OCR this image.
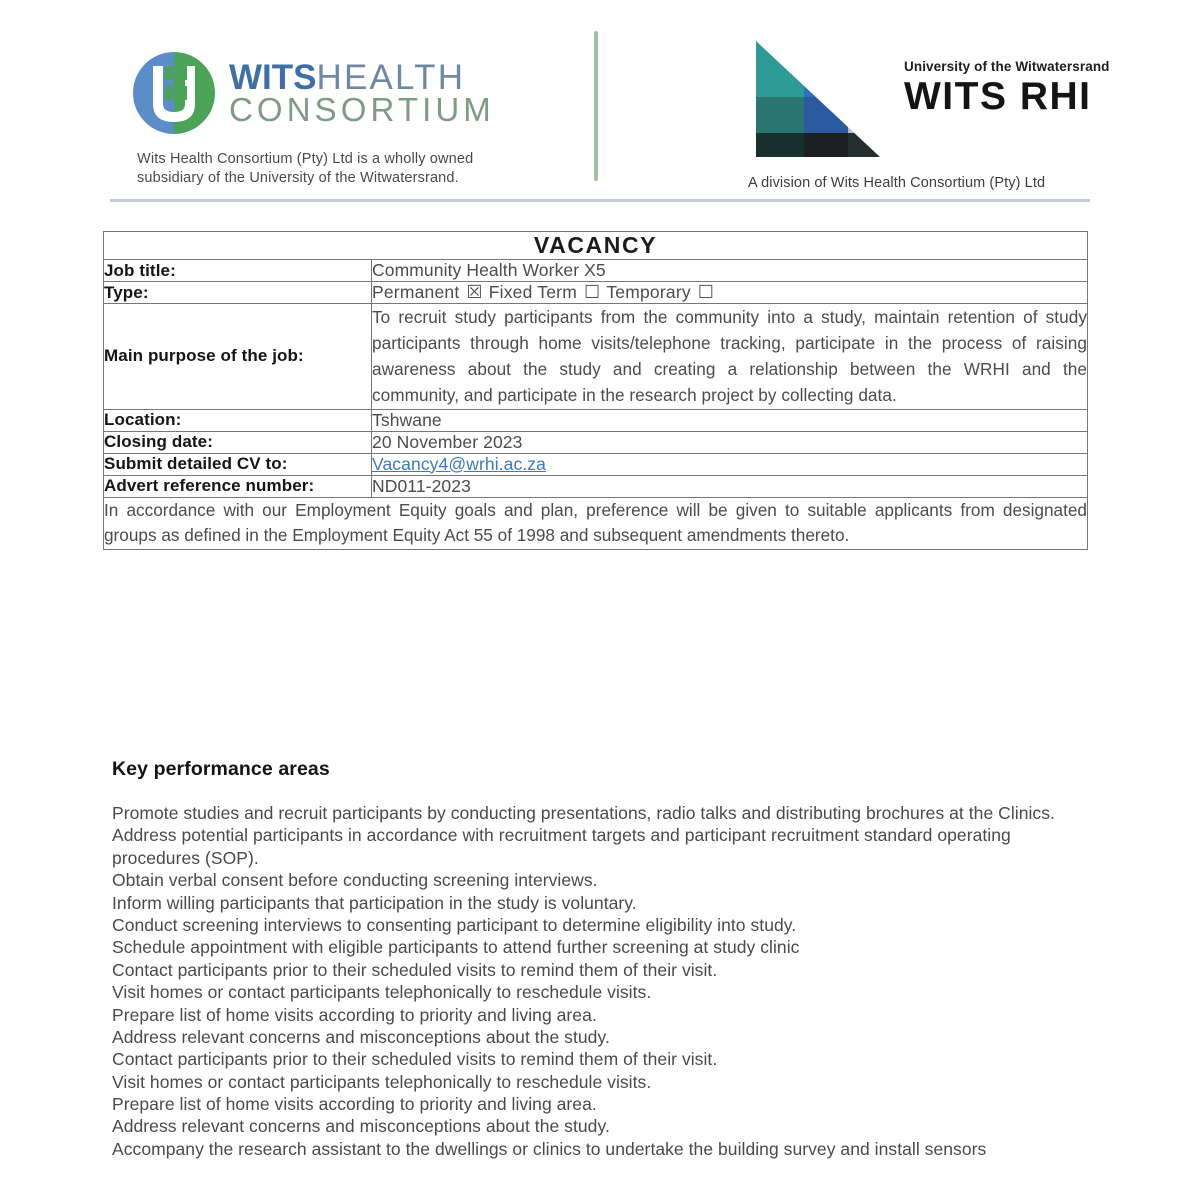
WITSHEALTH
CONSORTIUM
Wits Health Consortium (Pty) Ltd is a wholly owned
subsidiary of the University of the Witwatersrand.
University of the Witwatersrand
WITS RHI
A division of Wits Health Consortium (Pty) Ltd
VACANCY	
Job title:	Community Health Worker X5
Type:	Permanent ☒ Fixed Term ☐ Temporary ☐
Main purpose of the job:	To recruit study participants from the community into a study, maintain retention of study participants through home visits/telephone tracking, participate in the process of raising awareness about the study and creating a relationship between the WRHI and the community, and participate in the research project by collecting data.

Location:	Tshwane
Closing date:	20 November 2023
Submit detailed CV to:	Vacancy4@wrhi.ac.za
Advert reference number:	ND011-2023

In accordance with our Employment Equity goals and plan, preference will be given to suitable applicants from designated groups as defined in the Employment Equity Act 55 of 1998 and subsequent amendments thereto.	
Key performance areas
Promote studies and recruit participants by conducting presentations, radio talks and distributing brochures at the Clinics.
Address potential participants in accordance with recruitment targets and participant recruitment standard operating procedures (SOP).
Obtain verbal consent before conducting screening interviews.
Inform willing participants that participation in the study is voluntary.
Conduct screening interviews to consenting participant to determine eligibility into study.
Schedule appointment with eligible participants to attend further screening at study clinic
Contact participants prior to their scheduled visits to remind them of their visit.
Visit homes or contact participants telephonically to reschedule visits.
Prepare list of home visits according to priority and living area.
Address relevant concerns and misconceptions about the study.
Contact participants prior to their scheduled visits to remind them of their visit.
Visit homes or contact participants telephonically to reschedule visits.
Prepare list of home visits according to priority and living area.
Address relevant concerns and misconceptions about the study.
Accompany the research assistant to the dwellings or clinics to undertake the building survey and install sensors
